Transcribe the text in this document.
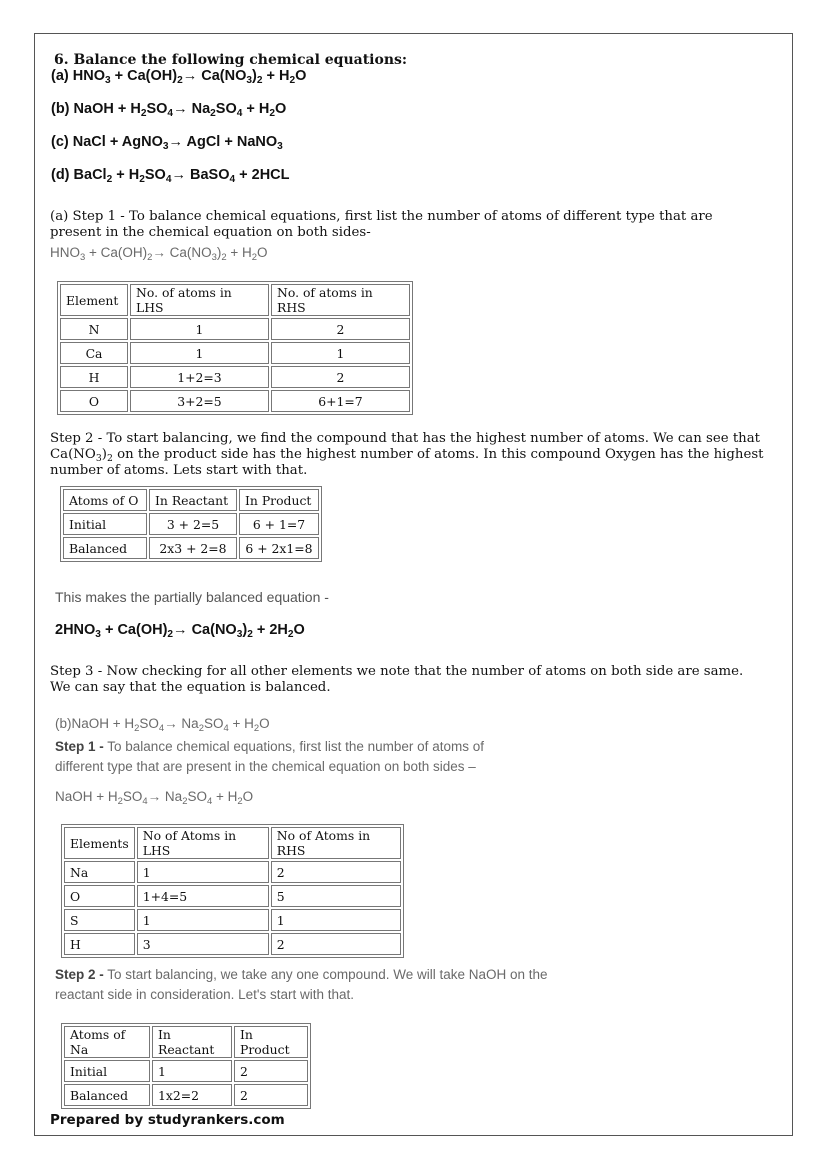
6. Balance the following chemical equations:
(a) $HNO_3 + Ca(OH)_2\to Ca(NO_3)_2 + H_2O$
(b) NaOH + $H_2SO_4\to Na_2SO_4 + H_2O$
(c) NaCl + AgNO$_3$→ AgCl + NaNO$_3$
(d) BaCl$_2$ + $H_2SO_4\to$ BaSO$_4$ + 2HCL
(a) Step 1 - To balance chemical equations, first list the number of atoms of different type that are present in the chemical equation on both sides-
$HNO_3 + Ca(OH)_2\to Ca(NO_3)_2 + H_2O$
Element	No. of atoms in LHS	No. of atoms in RHS
N	1	2
Ca	1	1
H	1+2=3	2
O	3+2=5	6+1=7
Step 2 - To start balancing, we find the compound that has the highest number of atoms. We can see that $Ca(NO_3)_2$ on the product side has the highest number of atoms. In this compound Oxygen has the highest number of atoms. Lets start with that.
Atoms of O	In Reactant	In Product
Initial	3 + 2=5	6 + 1=7
Balanced	2x3 + 2=8	6 + 2x1=8
This makes the partially balanced equation -
$2HNO_3 + Ca(OH)_2\to Ca(NO_3)_2 + 2H_2O$
Step 3 - Now checking for all other elements we note that the number of atoms on both side are same. We can say that the equation is balanced.
(b)NaOH + $H_2SO_4\to Na_2SO_4 + H_2O$
Step 1 - To balance chemical equations, first list the number of atoms of different type that are present in the chemical equation on both sides –
NaOH + $H_2SO_4\to Na_2SO_4 + H_2O$
Elements	No of Atoms in LHS	No of Atoms in RHS
Na	1	2
O	1+4=5	5
S	1	1
H	3	2
Step 2 - To start balancing, we take any one compound. We will take NaOH on the reactant side in consideration. Let's start with that.
Atoms of Na	In Reactant	In Product
Initial	1	2
Balanced	1x2=2	2
Prepared by studyrankers.com
